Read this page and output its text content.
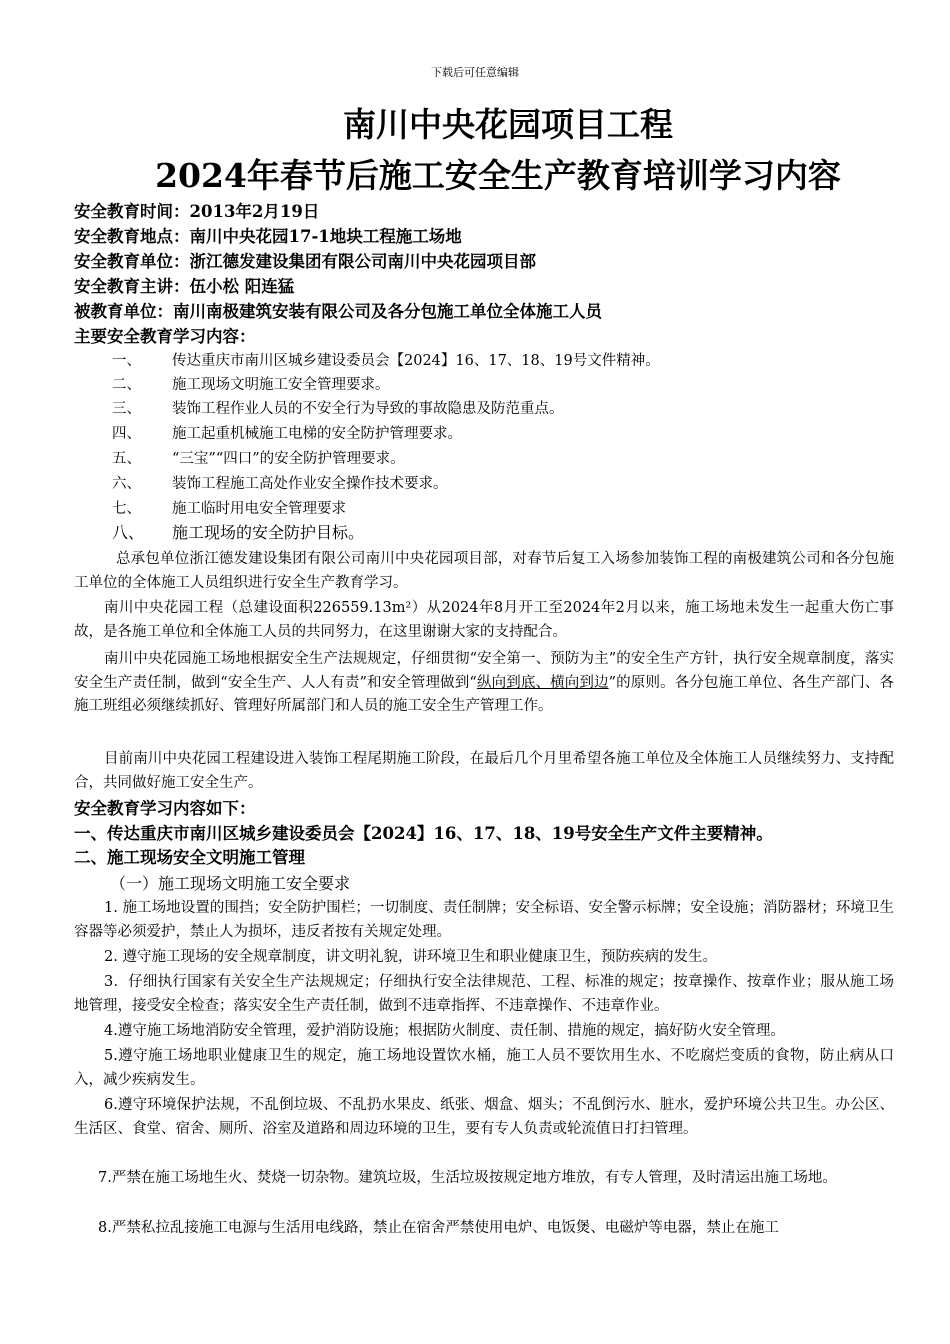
下载后可任意编辑
南川中央花园项目工程
2024年春节后施工安全生产教育培训学习内容
安全教育时间：2013年2月19日
安全教育地点：南川中央花园17-1地块工程施工场地
安全教育单位：浙江德发建设集团有限公司南川中央花园项目部
安全教育主讲：伍小松 阳连猛
被教育单位：南川南极建筑安装有限公司及各分包施工单位全体施工人员
主要安全教育学习内容：
一、 传达重庆市南川区城乡建设委员会【2024】16、17、18、19号文件精神。
二、 施工现场文明施工安全管理要求。
三、 装饰工程作业人员的不安全行为导致的事故隐患及防范重点。
四、 施工起重机械施工电梯的安全防护管理要求。
五、 “三宝”“四口”的安全防护管理要求。
六、 装饰工程施工高处作业安全操作技术要求。
七、 施工临时用电安全管理要求
八、 施工现场的安全防护目标。
总承包单位浙江德发建设集团有限公司南川中央花园项目部，对春节后复工入场参加装饰工程的南极建筑公司和各分包施工单位的全体施工人员组织进行安全生产教育学习。
南川中央花园工程（总建设面积226559.13m²）从2024年8月开工至2024年2月以来，施工场地未发生一起重大伤亡事故，是各施工单位和全体施工人员的共同努力，在这里谢谢大家的支持配合。
南川中央花园施工场地根据安全生产法规规定，仔细贯彻“安全第一、预防为主”的安全生产方针，执行安全规章制度，落实安全生产责任制，做到“安全生产、人人有责”和安全管理做到“纵向到底、横向到边”的原则。各分包施工单位、各生产部门、各施工班组必须继续抓好、管理好所属部门和人员的施工安全生产管理工作。
目前南川中央花园工程建设进入装饰工程尾期施工阶段，在最后几个月里希望各施工单位及全体施工人员继续努力、支持配合，共同做好施工安全生产。
安全教育学习内容如下：
一、传达重庆市南川区城乡建设委员会【2024】16、17、18、19号安全生产文件主要精神。
二、施工现场安全文明施工管理
（一）施工现场文明施工安全要求
1. 施工场地设置的围挡；安全防护围栏；一切制度、责任制牌；安全标语、安全警示标牌；安全设施；消防器材；环境卫生容器等必须爱护，禁止人为损坏，违反者按有关规定处理。
2. 遵守施工现场的安全规章制度，讲文明礼貌，讲环境卫生和职业健康卫生，预防疾病的发生。
3．仔细执行国家有关安全生产法规规定；仔细执行安全法律规范、工程、标准的规定；按章操作、按章作业；服从施工场地管理，接受安全检查；落实安全生产责任制，做到不违章指挥、不违章操作、不违章作业。
4.遵守施工场地消防安全管理，爱护消防设施；根据防火制度、责任制、措施的规定，搞好防火安全管理。
5.遵守施工场地职业健康卫生的规定，施工场地设置饮水桶，施工人员不要饮用生水、不吃腐烂变质的食物，防止病从口入，减少疾病发生。
6.遵守环境保护法规，不乱倒垃圾、不乱扔水果皮、纸张、烟盒、烟头；不乱倒污水、脏水，爱护环境公共卫生。办公区、生活区、食堂、宿舍、厕所、浴室及道路和周边环境的卫生，要有专人负责或轮流值日打扫管理。
7.严禁在施工场地生火、焚烧一切杂物。建筑垃圾，生活垃圾按规定地方堆放，有专人管理，及时清运出施工场地。
8.严禁私拉乱接施工电源与生活用电线路，禁止在宿舍严禁使用电炉、电饭煲、电磁炉等电器，禁止在施工
